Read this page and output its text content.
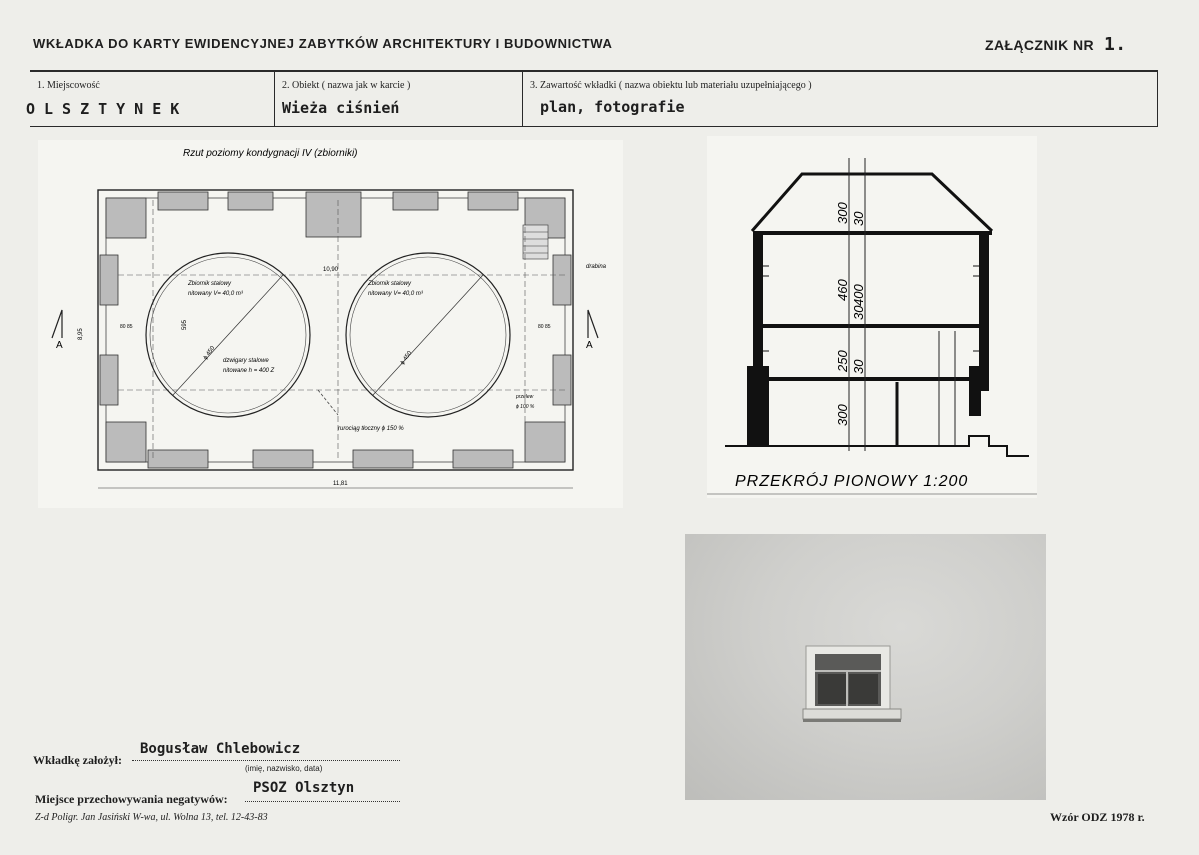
WKŁADKA DO KARTY EWIDENCYJNEJ ZABYTKÓW ARCHITEKTURY I BUDOWNICTWA	ZAŁĄCZNIK NR 1.
1. Miejscowość
OLSZTYNEK
2. Obiekt ( nazwa jak w karcie )
Wieża ciśnień
3. Zawartość wkładki ( nazwa obiektu lub materiału uzupełniającego )
plan, fotografie
Rzut poziomy kondygnacji IV (zbiorniki)
A	A
11,81
10,90
8,95
595
80 85	80 85
Zbiornik stalowy
nitowany V= 40,0 m³
Zbiornik stalowy
nitowany V= 40,0 m³
dzwigary stalowe
nitowane h = 400 Z
rurociąg tłoczny ϕ 150 %
drabina
przelew
ϕ 100 %
ϕ 450	ϕ 450
300 30
460 400
30
250 30
300
PRZEKRÓJ PIONOWY 1:200
Wkładkę założył:
Bogusław Chlebowicz
(imię, nazwisko, data)
Miejsce przechowywania negatywów:
PSOZ Olsztyn
Z-d Poligr. Jan Jasiński W-wa, ul. Wolna 13, tel. 12-43-83	Wzór ODZ 1978 r.
